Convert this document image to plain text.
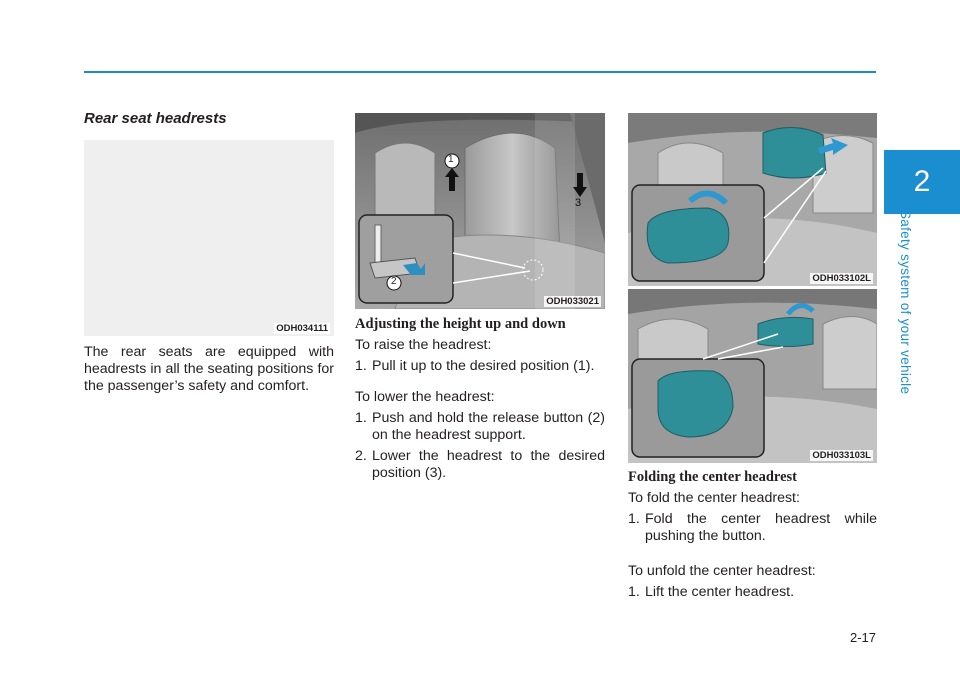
2
Safety system of your vehicle
Rear seat headrests
ODH034111

The rear seats are equipped with headrests in all the seating positions for the passenger’s safety and comfort.

3
1
2
ODH033021
Adjusting the height up and down

To raise the headrest:

1. Pull it up to the desired position (1).

To lower the headrest:

1. Push and hold the release button (2) on the headrest support.
2. Lower the headrest to the desired position (3).
ODH033102L
ODH033103L
Folding the center headrest

To fold the center headrest:

1. Fold the center headrest while pushing the button.

To unfold the center headrest:

1. Lift the center headrest.
2-17
